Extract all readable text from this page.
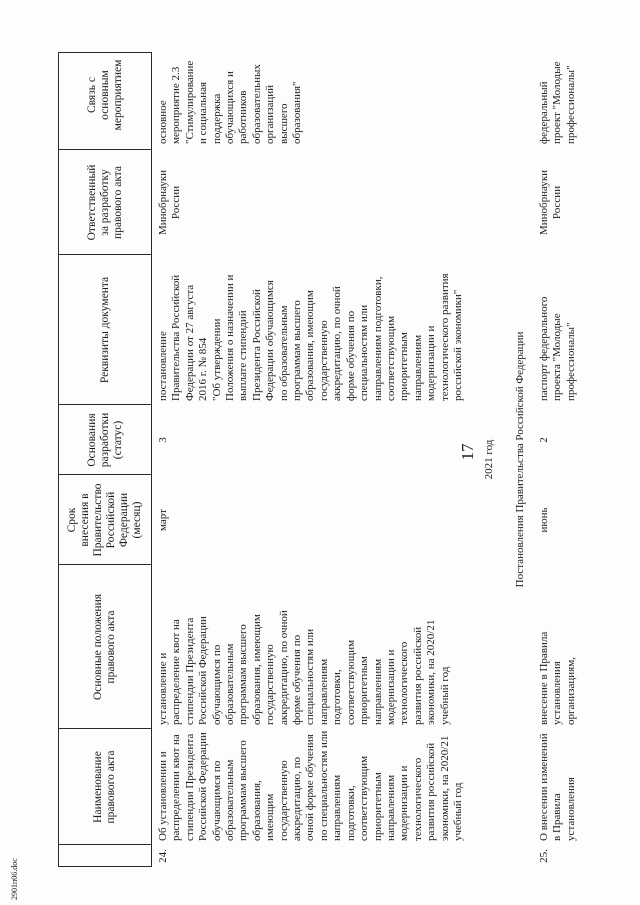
2901п06.doc
Наименование
правового акта
Основные положения
правового акта
Срок
внесения в
Правительство
Российской
Федерации
(месяц)
Основания
разработки
(статус)
Реквизиты документа
Ответственный
за разработку
правового акта
Связь с
основным
мероприятием
24.
Об установлении и
распределении квот на
стипендии Президента
Российской Федерации
обучающимся по
образовательным
программам высшего
образования,
имеющим
государственную
аккредитацию, по
очной форме обучения
по специальностям или
направлениям
подготовки,
соответствующим
приоритетным
направлениям
модернизации и
технологического
развития российской
экономики, на 2020/21
учебный год
установление и
распределение квот на
стипендии Президента
Российской Федерации
обучающимся по
образовательным
программам высшего
образования, имеющим
государственную
аккредитацию, по очной
форме обучения по
специальностям или
направлениям
подготовки,
соответствующим
приоритетным
направлениям
модернизации и
технологического
развития российской
экономики, на 2020/21
учебный год
март
3
постановление
Правительства Российской
Федерации от 27 августа
2016 г. № 854
"Об утверждении
Положения о назначении и
выплате стипендий
Президента Российской
Федерации обучающимся
по образовательным
программам высшего
образования, имеющим
государственную
аккредитацию, по очной
форме обучения по
специальностям или
направлениям подготовки,
соответствующим
приоритетным
направлениям
модернизации и
технологического развития
российской экономики"
Минобрнауки
России
основное
мероприятие 2.3
"Стимулирование
и социальная
поддержка
обучающихся и
работников
образовательных
организаций
высшего
образования"
17 2021 год Постановления Правительства Российской Федерации
25.
О внесении изменений
в Правила
установления
внесение в Правила
установления
организациям,
июнь
2
паспорт федерального
проекта "Молодые
профессионалы"
Минобрнауки
России
федеральный
проект "Молодые
профессионалы"
